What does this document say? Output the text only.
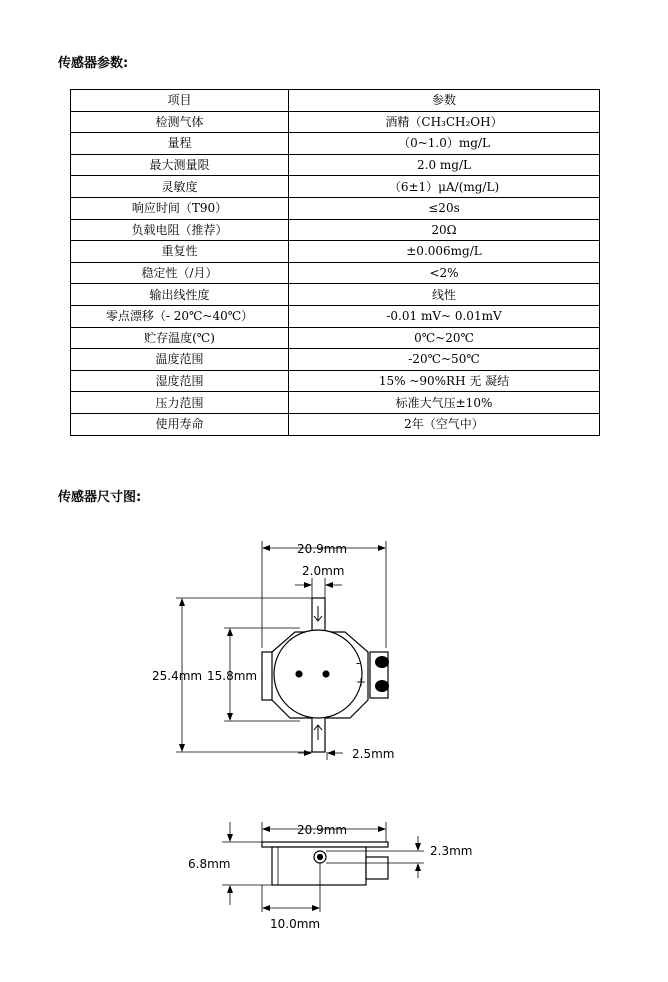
传感器参数:
项目	参数
检测气体	酒精（CH₃CH₂OH）
量程	（0~1.0）mg/L
最大测量限	2.0 mg/L
灵敏度	（6±1）μA/(mg/L)
响应时间（T90）	≤20s
负载电阻（推荐）	20Ω
重复性	±0.006mg/L
稳定性（/月）	<2%
输出线性度	线性
零点漂移（- 20℃~40℃）	-0.01 mV~ 0.01mV
贮存温度(℃)	0℃~20℃
温度范围	-20℃~50℃
湿度范围	15% ~90%RH 无 凝结
压力范围	标准大气压±10%
使用寿命	2年（空气中）
传感器尺寸图:
20.9mm
2.0mm
25.4mm 15.8mm
2.5mm
-
+
20.9mm
6.8mm
2.3mm
10.0mm
